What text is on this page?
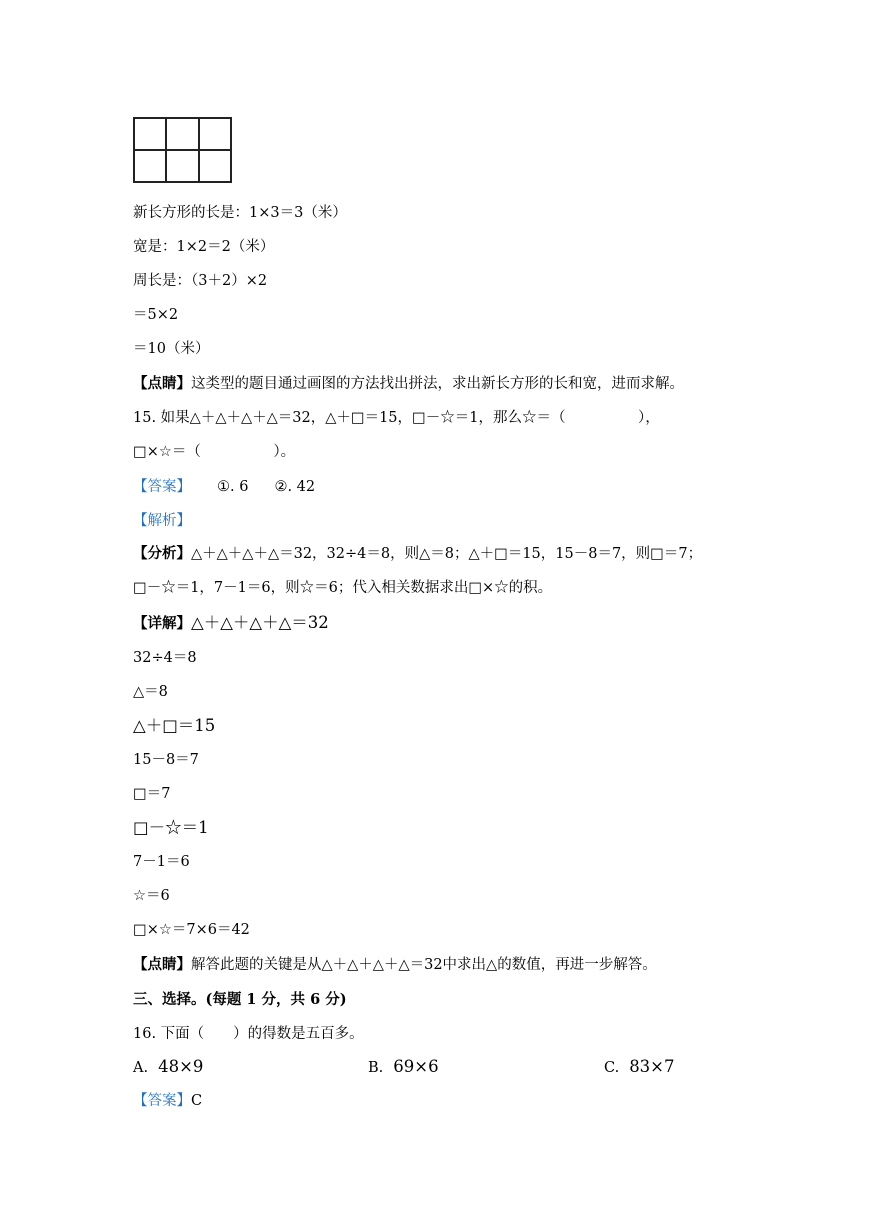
新长方形的长是：1×3＝3（米）
宽是：1×2＝2（米）
周长是：（3＋2）×2
＝5×2
＝10（米）
【点睛】这类型的题目通过画图的方法找出拼法，求出新长方形的长和宽，进而求解。
15. 如果△＋△＋△＋△＝32，△＋□＝15，□－☆＝1，那么☆＝（　　　　　），
□×☆＝（　　　　　）。
【答案】 ①. 6 ②. 42
【解析】
【分析】△＋△＋△＋△＝32，32÷4＝8，则△＝8；△＋□＝15，15－8＝7，则□＝7；
□－☆＝1，7－1＝6，则☆＝6；代入相关数据求出□×☆的积。
【详解】△＋△＋△＋△＝32
32÷4＝8
△＝8
△＋□＝15
15－8＝7
□＝7
□－☆＝1
7－1＝6
☆＝6
□×☆＝7×6＝42
【点睛】解答此题的关键是从△＋△＋△＋△＝32中求出△的数值，再进一步解答。
三、选择。(每题 1 分，共 6 分)
16. 下面（　　）的得数是五百多。
A. 48×9	B. 69×6	C. 83×7
【答案】C
